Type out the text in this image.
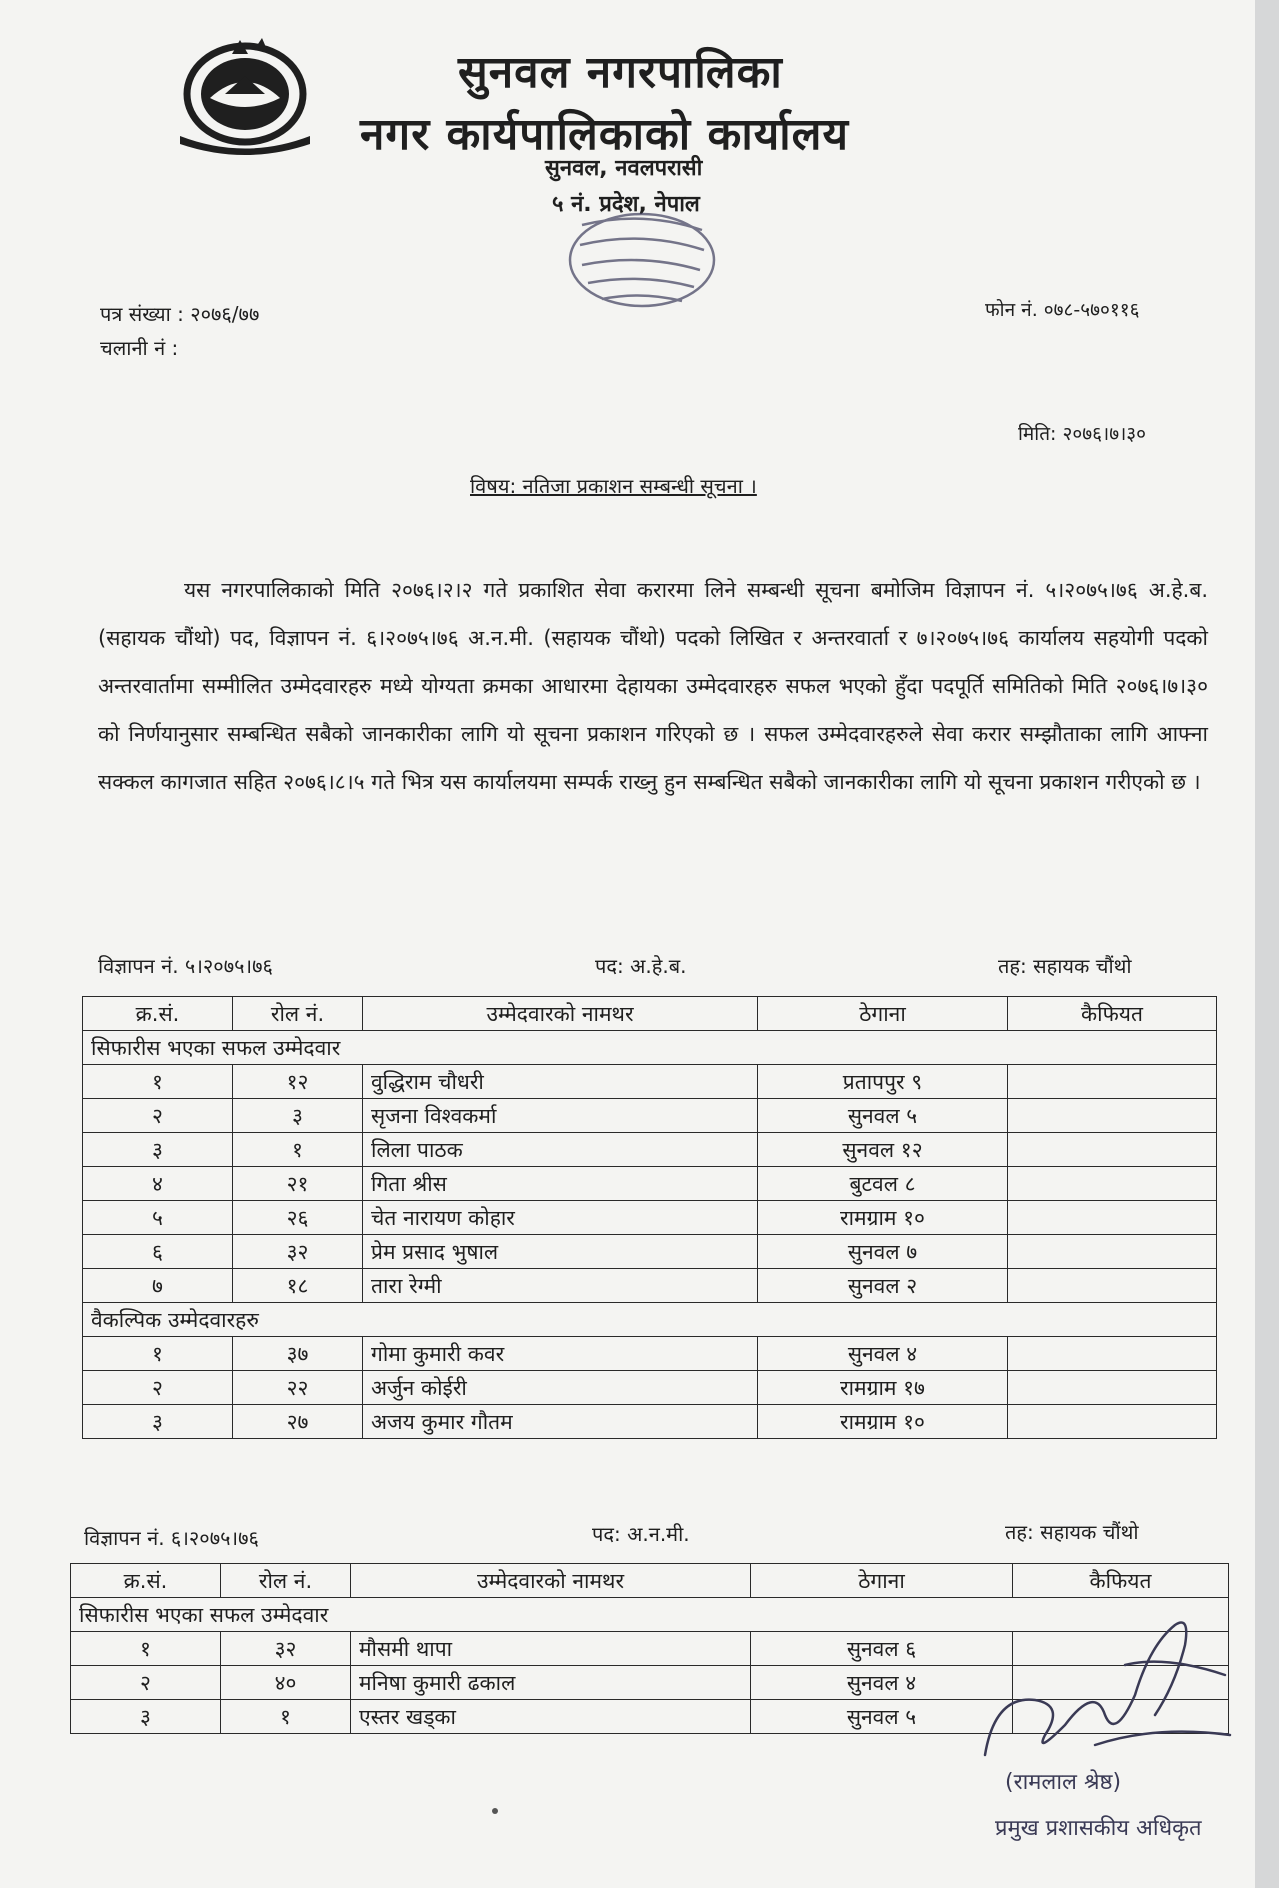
सुनवल नगरपालिका
नगर कार्यपालिकाको कार्यालय
सुनवल, नवलपरासी
५ नं. प्रदेश, नेपाल
पत्र संख्या : २०७६/७७
चलानी नं :
फोन नं. ०७८-५७०११६
मिति: २०७६।७।३०
विषय: नतिजा प्रकाशन सम्बन्धी सूचना ।
यस नगरपालिकाको मिति २०७६।२।२ गते प्रकाशित सेवा करारमा लिने सम्बन्धी सूचना बमोजिम विज्ञापन नं. ५।२०७५।७६ अ.हे.ब. (सहायक चौंथो) पद, विज्ञापन नं. ६।२०७५।७६ अ.न.मी. (सहायक चौंथो) पदको लिखित र अन्तरवार्ता र ७।२०७५।७६ कार्यालय सहयोगी पदको अन्तरवार्तामा सम्मीलित उम्मेदवारहरु मध्ये योग्यता क्रमका आधारमा देहायका उम्मेदवारहरु सफल भएको हुँदा पदपूर्ति समितिको मिति २०७६।७।३० को निर्णयानुसार सम्बन्धित सबैको जानकारीका लागि यो सूचना प्रकाशन गरिएको छ । सफल उम्मेदवारहरुले सेवा करार सम्झौताका लागि आफ्ना सक्कल कागजात सहित २०७६।८।५ गते भित्र यस कार्यालयमा सम्पर्क राख्नु हुन सम्बन्धित सबैको जानकारीका लागि यो सूचना प्रकाशन गरीएको छ ।
विज्ञापन नं. ५।२०७५।७६	पद: अ.हे.ब.	तह: सहायक चौंथो
क्र.सं.	रोल नं.	उम्मेदवारको नामथर	ठेगाना	कैफियत
सिफारीस भएका सफल उम्मेदवार				
१	१२	वुद्धिराम चौधरी	प्रतापपुर ९	
२	३	सृजना विश्वकर्मा	सुनवल ५	
३	१	लिला पाठक	सुनवल १२	
४	२१	गिता श्रीस	बुटवल ८	
५	२६	चेत नारायण कोहार	रामग्राम १०	
६	३२	प्रेम प्रसाद भुषाल	सुनवल ७	
७	१८	तारा रेग्मी	सुनवल २	
वैकल्पिक उम्मेदवारहरु				
१	३७	गोमा कुमारी कवर	सुनवल ४	
२	२२	अर्जुन कोईरी	रामग्राम १७	
३	२७	अजय कुमार गौतम	रामग्राम १०	
विज्ञापन नं. ६।२०७५।७६	पद: अ.न.मी.	तह: सहायक चौंथो
क्र.सं.	रोल नं.	उम्मेदवारको नामथर	ठेगाना	कैफियत
सिफारीस भएका सफल उम्मेदवार				
१	३२	मौसमी थापा	सुनवल ६	
२	४०	मनिषा कुमारी ढकाल	सुनवल ४	
३	१	एस्तर खड्का	सुनवल ५	
(रामलाल श्रेष्ठ)
प्रमुख प्रशासकीय अधिकृत
